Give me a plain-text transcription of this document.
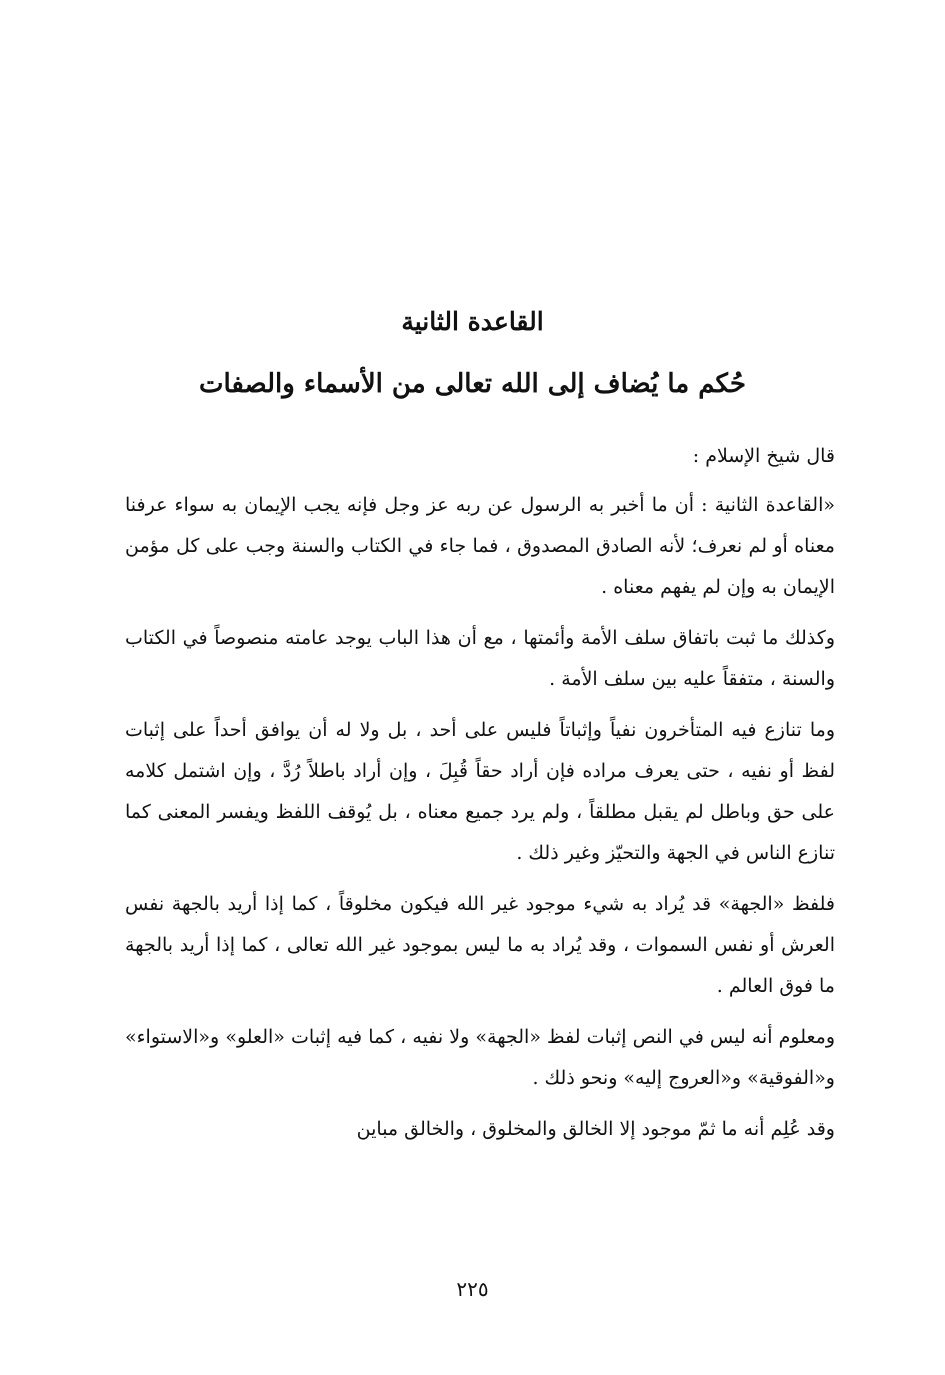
القاعدة الثانية
حُكم ما يُضاف إلى الله تعالى من الأسماء والصفات

قال شيخ الإسلام :

«القاعدة الثانية : أن ما أخبر به الرسول عن ربه عز وجل فإنه يجب الإيمان به سواء عرفنا معناه أو لم نعرف؛ لأنه الصادق المصدوق ، فما جاء في الكتاب والسنة وجب على كل مؤمن الإيمان به وإن لم يفهم معناه .

وكذلك ما ثبت باتفاق سلف الأمة وأئمتها ، مع أن هذا الباب يوجد عامته منصوصاً في الكتاب والسنة ، متفقاً عليه بين سلف الأمة .

وما تنازع فيه المتأخرون نفياً وإثباتاً فليس على أحد ، بل ولا له أن يوافق أحداً على إثبات لفظ أو نفيه ، حتى يعرف مراده فإن أراد حقاً قُبِلَ ، وإن أراد باطلاً رُدَّ ، وإن اشتمل كلامه على حق وباطل لم يقبل مطلقاً ، ولم يرد جميع معناه ، بل يُوقف اللفظ ويفسر المعنى كما تنازع الناس في الجهة والتحيّز وغير ذلك .

فلفظ «الجهة» قد يُراد به شيء موجود غير الله فيكون مخلوقاً ، كما إذا أريد بالجهة نفس العرش أو نفس السموات ، وقد يُراد به ما ليس بموجود غير الله تعالى ، كما إذا أريد بالجهة ما فوق العالم .

ومعلوم أنه ليس في النص إثبات لفظ «الجهة» ولا نفيه ، كما فيه إثبات «العلو» و«الاستواء» و«الفوقية» و«العروج إليه» ونحو ذلك .

وقد عُلِم أنه ما ثمّ موجود إلا الخالق والمخلوق ، والخالق مباين

٢٢٥
